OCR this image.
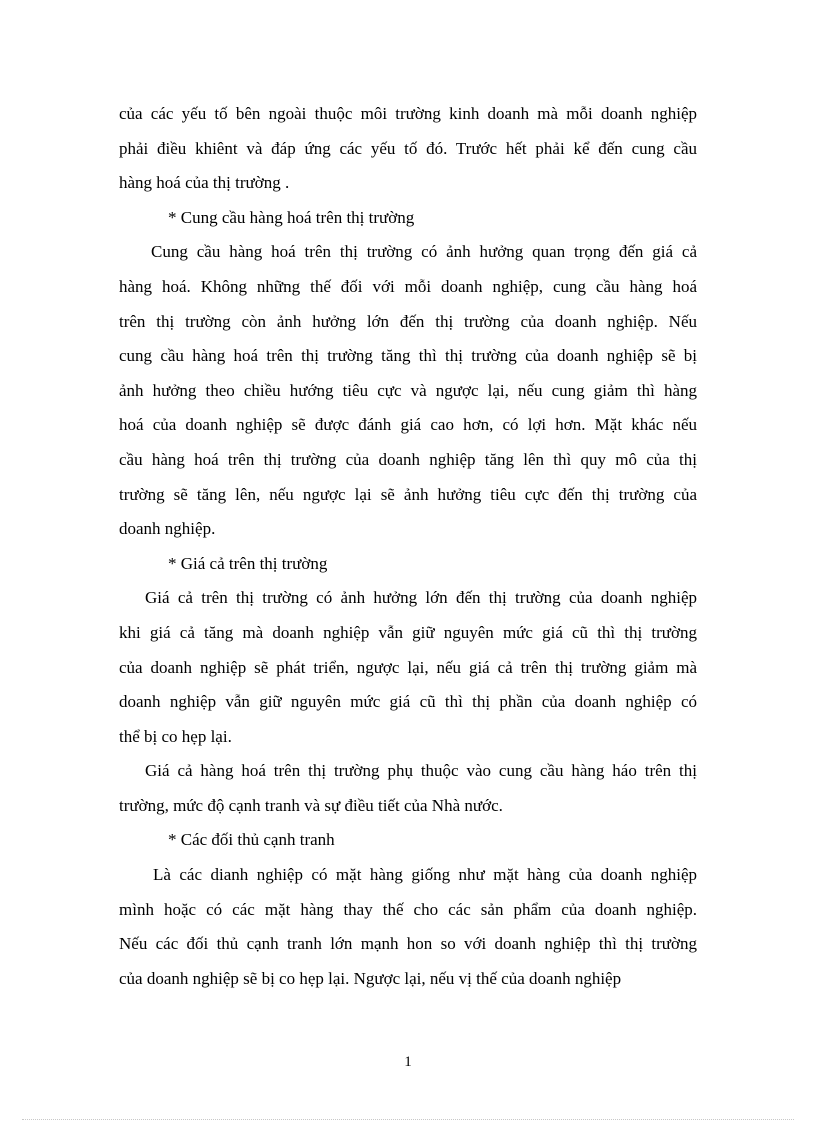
của các yếu tố bên ngoài thuộc môi trường kinh doanh mà mỗi doanh nghiệp
phải điều khiênt và đáp ứng các yếu tố đó. Trước hết phải kể đến cung cầu
hàng hoá của thị trường .
* Cung cầu hàng hoá trên thị trường
Cung cầu hàng hoá trên thị trường có ảnh hưởng quan trọng đến giá cả
hàng hoá. Không những thế đối với mỗi doanh nghiệp, cung cầu hàng hoá
trên thị trường còn ảnh hưởng lớn đến thị trường của doanh nghiệp. Nếu
cung cầu hàng hoá trên thị trường tăng thì thị trường của doanh nghiệp sẽ bị
ảnh hưởng theo chiều hướng tiêu cực và ngược lại, nếu cung giảm thì hàng
hoá của doanh nghiệp sẽ được đánh giá cao hơn, có lợi hơn. Mặt khác nếu
cầu hàng hoá trên thị trường của doanh nghiệp tăng lên thì quy mô của thị
trường sẽ tăng lên, nếu ngược lại sẽ ảnh hưởng tiêu cực đến thị trường của
doanh nghiệp.
* Giá cả trên thị trường
Giá cả trên thị trường có ảnh hưởng lớn đến thị trường của doanh nghiệp
khi giá cả tăng mà doanh nghiệp vẫn giữ nguyên mức giá cũ thì thị trường
của doanh nghiệp sẽ phát triển, ngược lại, nếu giá cả trên thị trường giảm mà
doanh nghiệp vẫn giữ nguyên mức giá cũ thì thị phần của doanh nghiệp có
thể bị co hẹp lại.
Giá cả hàng hoá trên thị trường phụ thuộc vào cung cầu hàng háo trên thị
trường, mức độ cạnh tranh và sự điều tiết của Nhà nước.
* Các đối thủ cạnh tranh
Là các dianh nghiệp có mặt hàng giống như mặt hàng của doanh nghiệp
mình hoặc có các mặt hàng thay thế cho các sản phẩm của doanh nghiệp.
Nếu các đối thủ cạnh tranh lớn mạnh hon so với doanh nghiệp thì thị trường
của doanh nghiệp sẽ bị co hẹp lại. Ngược lại, nếu vị thế của doanh nghiệp
1
